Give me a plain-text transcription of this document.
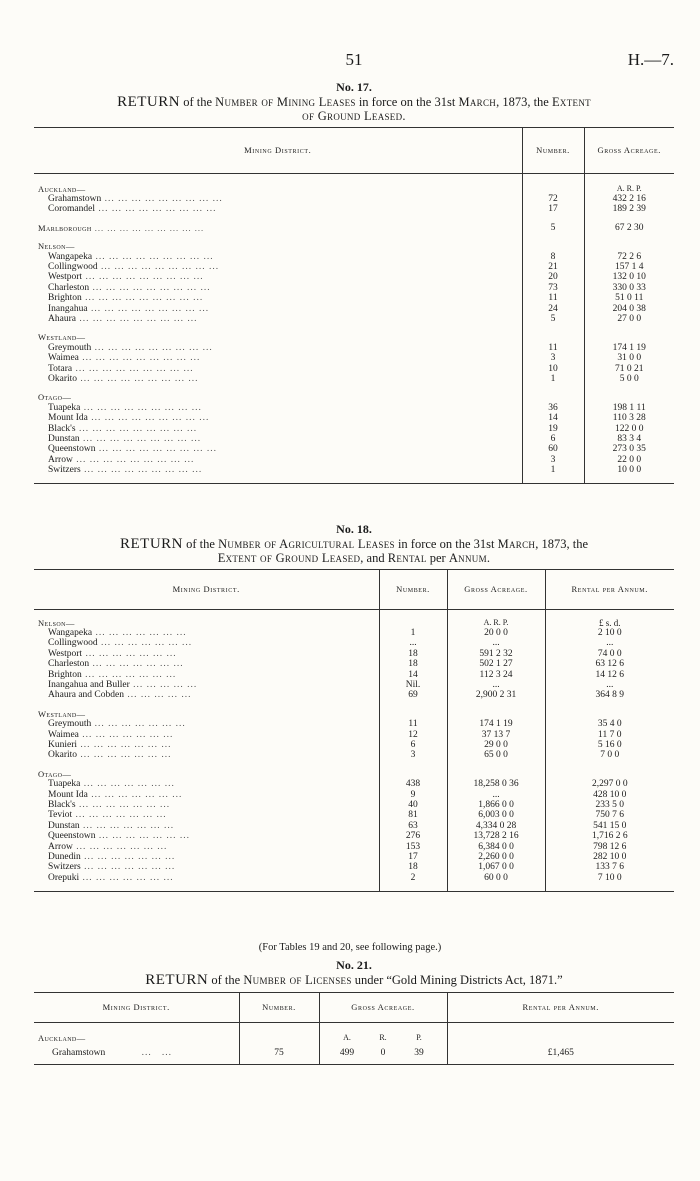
51	H.—7.
No. 17.
RETURN of the Number of Mining Leases in force on the 31st March, 1873, the Extent
of Ground Leased.
Mining District.	Number.	Gross Acreage.

Auckland—		A. R. P.
Grahamstown ... ... ... ... ... ... ... ... ...	72	432 2 16
Coromandel ... ... ... ... ... ... ... ... ...	17	189 2 39

Marlborough ... ... ... ... ... ... ... ... ...	5	67 2 30

Nelson—		
Wangapeka ... ... ... ... ... ... ... ... ...	8	72 2 6
Collingwood ... ... ... ... ... ... ... ... ...	21	157 1 4
Westport ... ... ... ... ... ... ... ... ...	20	132 0 10
Charleston ... ... ... ... ... ... ... ... ...	73	330 0 33
Brighton ... ... ... ... ... ... ... ... ...	11	51 0 11
Inangahua ... ... ... ... ... ... ... ... ...	24	204 0 38
Ahaura ... ... ... ... ... ... ... ... ...	5	27 0 0

Westland—		
Greymouth ... ... ... ... ... ... ... ... ...	11	174 1 19
Waimea ... ... ... ... ... ... ... ... ...	3	31 0 0
Totara ... ... ... ... ... ... ... ... ...	10	71 0 21
Okarito ... ... ... ... ... ... ... ... ...	1	5 0 0

Otago—		
Tuapeka ... ... ... ... ... ... ... ... ...	36	198 1 11
Mount Ida ... ... ... ... ... ... ... ... ...	14	110 3 28
Black's ... ... ... ... ... ... ... ... ...	19	122 0 0
Dunstan ... ... ... ... ... ... ... ... ...	6	83 3 4
Queenstown ... ... ... ... ... ... ... ... ...	60	273 0 35
Arrow ... ... ... ... ... ... ... ... ...	3	22 0 0
Switzers ... ... ... ... ... ... ... ... ...	1	10 0 0

No. 18.
RETURN of the Number of Agricultural Leases in force on the 31st March, 1873, the
Extent of Ground Leased, and Rental per Annum.
Mining District.	Number.	Gross Acreage.	Rental per Annum.

Nelson—		A. R. P.	£ s. d.
Wangapeka ... ... ... ... ... ... ...	1	20 0 0	2 10 0
Collingwood ... ... ... ... ... ... ...	...	...	...
Westport ... ... ... ... ... ... ...	18	591 2 32	74 0 0
Charleston ... ... ... ... ... ... ...	18	502 1 27	63 12 6
Brighton ... ... ... ... ... ... ...	14	112 3 24	14 12 6
Inangahua and Buller ... ... ... ... ...	Nil.	...	...
Ahaura and Cobden ... ... ... ... ...	69	2,900 2 31	364 8 9

Westland—			
Greymouth ... ... ... ... ... ... ...	11	174 1 19	35 4 0
Waimea ... ... ... ... ... ... ...	12	37 13 7	11 7 0
Kunieri ... ... ... ... ... ... ...	6	29 0 0	5 16 0
Okarito ... ... ... ... ... ... ...	3	65 0 0	7 0 0

Otago—			
Tuapeka ... ... ... ... ... ... ...	438	18,258 0 36	2,297 0 0
Mount Ida ... ... ... ... ... ... ...	9	...	428 10 0
Black's ... ... ... ... ... ... ...	40	1,866 0 0	233 5 0
Teviot ... ... ... ... ... ... ...	81	6,003 0 0	750 7 6
Dunstan ... ... ... ... ... ... ...	63	4,334 0 28	541 15 0
Queenstown ... ... ... ... ... ... ...	276	13,728 2 16	1,716 2 6
Arrow ... ... ... ... ... ... ...	153	6,384 0 0	798 12 6
Dunedin ... ... ... ... ... ... ...	17	2,260 0 0	282 10 0
Switzers ... ... ... ... ... ... ...	18	1,067 0 0	133 7 6
Orepuki ... ... ... ... ... ... ...	2	60 0 0	7 10 0

(For Tables 19 and 20, see following page.)
No. 21.
RETURN of the Number of Licenses under “Gold Mining Districts Act, 1871.”
Mining District.	Number.	Gross Acreage.	Rental per Annum.

Auckland—		A. R. P.	
Grahamstown ...   ...	75	499 0 39	£1,465
